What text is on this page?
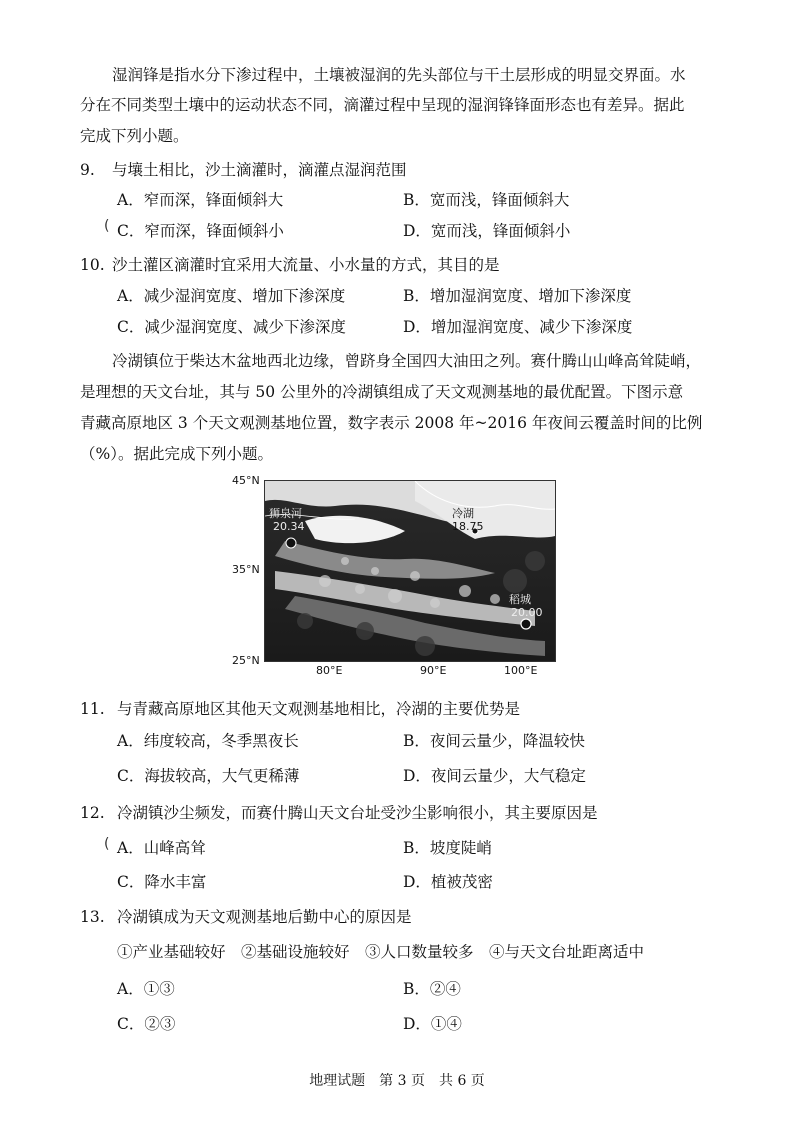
湿润锋是指水分下渗过程中，土壤被湿润的先头部位与干土层形成的明显交界面。水
分在不同类型土壤中的运动状态不同，滴灌过程中呈现的湿润锋锋面形态也有差异。据此
完成下列小题。
9. 与壤土相比，沙土滴灌时，滴灌点湿润范围
A．窄而深，锋面倾斜大	B．宽而浅，锋面倾斜大
C．窄而深，锋面倾斜小	D．宽而浅，锋面倾斜小
(
10. 沙土灌区滴灌时宜采用大流量、小水量的方式，其目的是
A．减少湿润宽度、增加下渗深度	B．增加湿润宽度、增加下渗深度
C．减少湿润宽度、减少下渗深度	D．增加湿润宽度、减少下渗深度
冷湖镇位于柴达木盆地西北边缘，曾跻身全国四大油田之列。赛什腾山山峰高耸陡峭，
是理想的天文台址，其与 50 公里外的冷湖镇组成了天文观测基地的最优配置。下图示意
青藏高原地区 3 个天文观测基地位置，数字表示 2008 年~2016 年夜间云覆盖时间的比例
（%）。据此完成下列小题。
45°N
35°N
25°N
80°E	90°E	100°E
狮泉河
20.34
冷湖
18.75
稻城
20.00
11. 与青藏高原地区其他天文观测基地相比，冷湖的主要优势是
A．纬度较高，冬季黑夜长	B．夜间云量少，降温较快
C．海拔较高，大气更稀薄	D．夜间云量少，大气稳定
12. 冷湖镇沙尘频发，而赛什腾山天文台址受沙尘影响很小，其主要原因是
A．山峰高耸	B．坡度陡峭
C．降水丰富	D．植被茂密
(
13. 冷湖镇成为天文观测基地后勤中心的原因是
①产业基础较好　②基础设施较好　③人口数量较多　④与天文台址距离适中
A．①③	B．②④
C．②③	D．①④
地理试题　第 3 页　共 6 页
